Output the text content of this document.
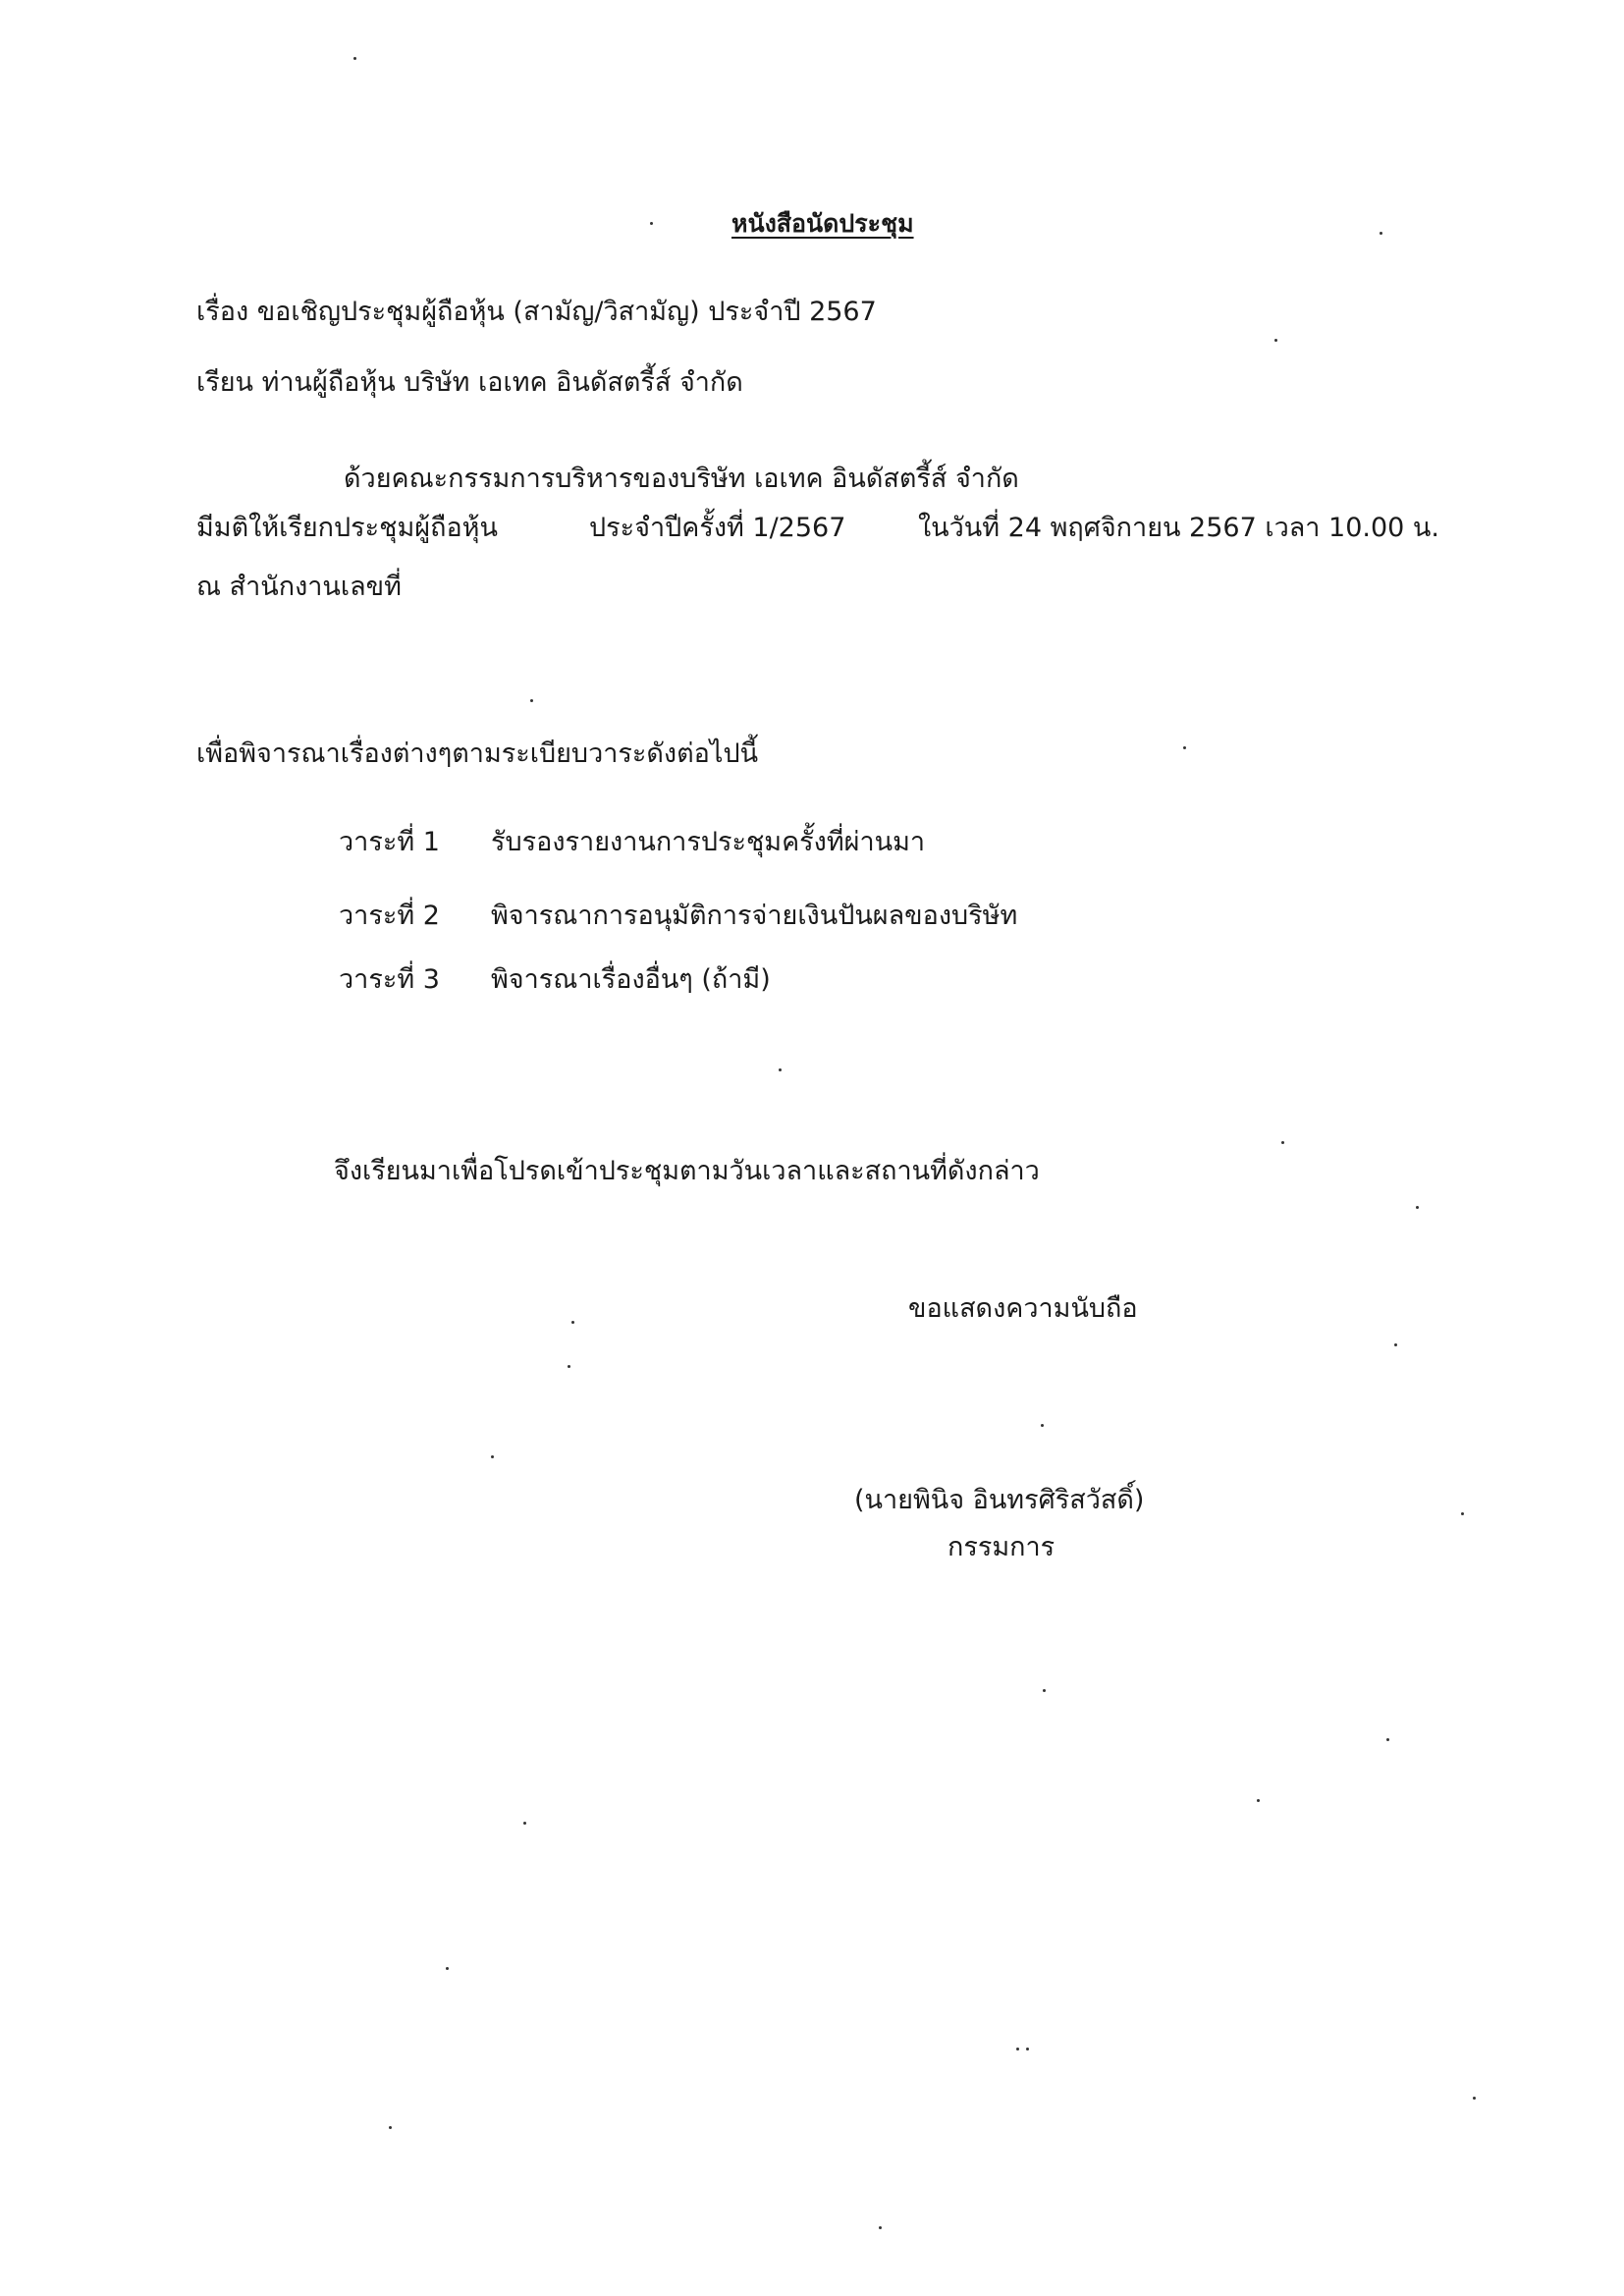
หนังสือนัดประชุม
เรื่อง ขอเชิญประชุมผู้ถือหุ้น (สามัญ/วิสามัญ) ประจำปี 2567
เรียน ท่านผู้ถือหุ้น บริษัท เอเทค อินดัสตรี้ส์ จำกัด
ด้วยคณะกรรมการบริหารของบริษัท เอเทค อินดัสตรี้ส์ จำกัด
มีมติให้เรียกประชุมผู้ถือหุ้น	ประจำปีครั้งที่ 1/2567	ในวันที่ 24 พฤศจิกายน 2567 เวลา 10.00 น.
ณ สำนักงานเลขที่
เพื่อพิจารณาเรื่องต่างๆตามระเบียบวาระดังต่อไปนี้
วาระที่ 1 รับรองรายงานการประชุมครั้งที่ผ่านมา
วาระที่ 2 พิจารณาการอนุมัติการจ่ายเงินปันผลของบริษัท
วาระที่ 3 พิจารณาเรื่องอื่นๆ (ถ้ามี)
จึงเรียนมาเพื่อโปรดเข้าประชุมตามวันเวลาและสถานที่ดังกล่าว
ขอแสดงความนับถือ
(นายพินิจ อินทรศิริสวัสดิ์)
กรรมการ
